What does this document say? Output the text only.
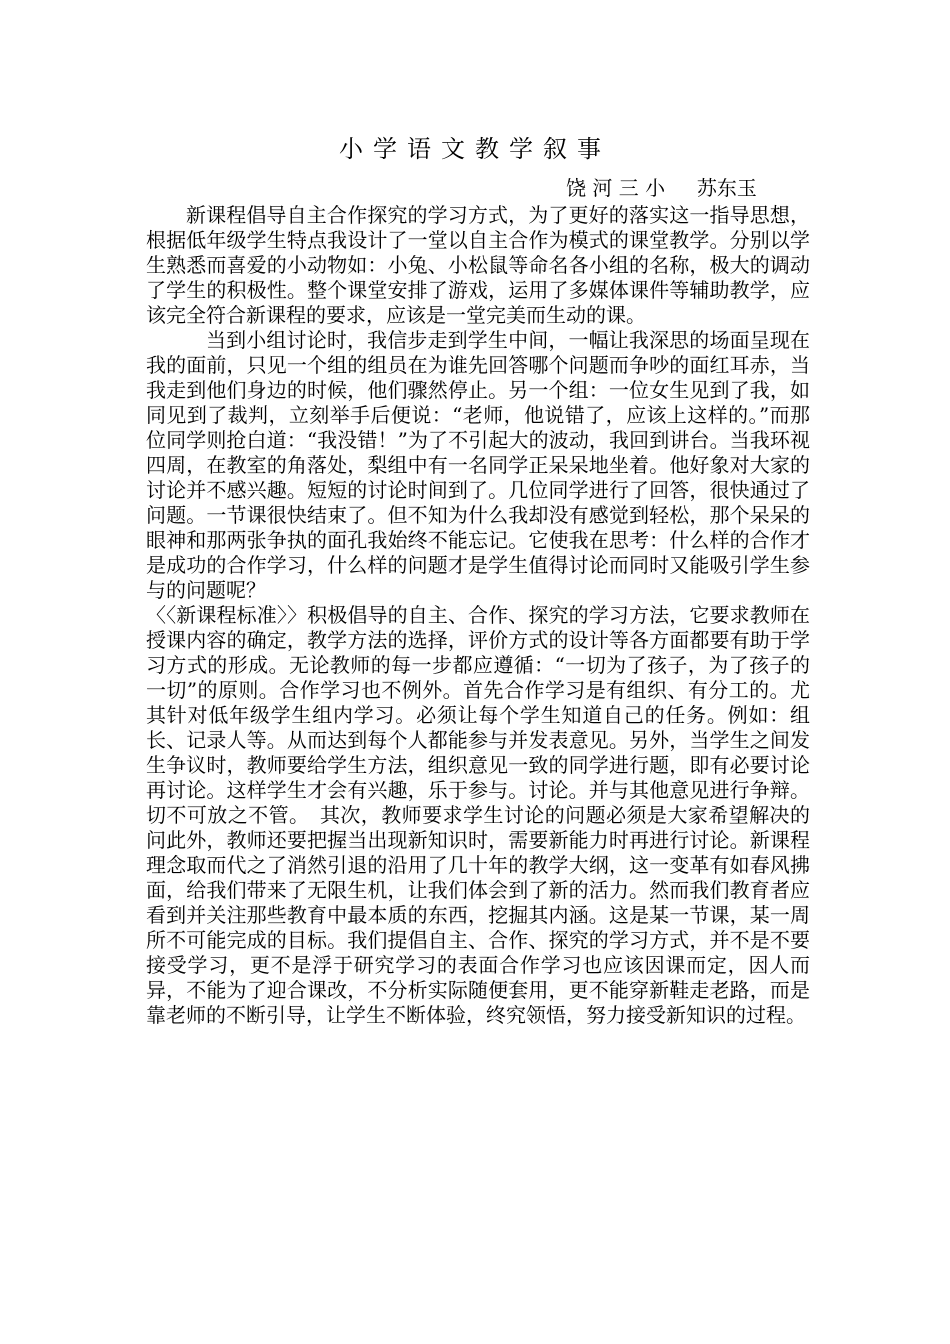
小学语文教学叙事
饶 河 三 小     苏东玉

新课程倡导自主合作探究的学习方式，为了更好的落实这一指导思想，根据低年级学生特点我设计了一堂以自主合作为模式的课堂教学。分别以学生熟悉而喜爱的小动物如：小兔、小松鼠等命名各小组的名称，极大的调动了学生的积极性。整个课堂安排了游戏，运用了多媒体课件等辅助教学，应该完全符合新课程的要求，应该是一堂完美而生动的课。

当到小组讨论时，我信步走到学生中间，一幅让我深思的场面呈现在我的面前，只见一个组的组员在为谁先回答哪个问题而争吵的面红耳赤，当我走到他们身边的时候，他们骤然停止。另一个组：一位女生见到了我，如同见到了裁判，立刻举手后便说：“老师，他说错了，应该上这样的。”而那位同学则抢白道：“我没错！”为了不引起大的波动，我回到讲台。当我环视四周，在教室的角落处，梨组中有一名同学正呆呆地坐着。他好象对大家的讨论并不感兴趣。短短的讨论时间到了。几位同学进行了回答，很快通过了问题。一节课很快结束了。但不知为什么我却没有感觉到轻松，那个呆呆的眼神和那两张争执的面孔我始终不能忘记。它使我在思考：什么样的合作才是成功的合作学习，什么样的问题才是学生值得讨论而同时又能吸引学生参与的问题呢？

〈〈新课程标准〉〉积极倡导的自主、合作、探究的学习方法，它要求教师在授课内容的确定，教学方法的选择，评价方式的设计等各方面都要有助于学习方式的形成。无论教师的每一步都应遵循：“一切为了孩子，为了孩子的一切”的原则。合作学习也不例外。首先合作学习是有组织、有分工的。尤其针对低年级学生组内学习。必须让每个学生知道自己的任务。例如：组长、记录人等。从而达到每个人都能参与并发表意见。另外，当学生之间发生争议时，教师要给学生方法，组织意见一致的同学进行题，即有必要讨论再讨论。这样学生才会有兴趣，乐于参与。讨论。并与其他意见进行争辩。切不可放之不管。　其次，教师要求学生讨论的问题必须是大家希望解决的问此外，教师还要把握当出现新知识时，需要新能力时再进行讨论。新课程理念取而代之了消然引退的沿用了几十年的教学大纲，这一变革有如春风拂面，给我们带来了无限生机，让我们体会到了新的活力。然而我们教育者应看到并关注那些教育中最本质的东西，挖掘其内涵。这是某一节课，某一周所不可能完成的目标。我们提倡自主、合作、探究的学习方式，并不是不要接受学习，更不是浮于研究学习的表面合作学习也应该因课而定，因人而异，不能为了迎合课改，不分析实际随便套用，更不能穿新鞋走老路，而是靠老师的不断引导，让学生不断体验，终究领悟，努力接受新知识的过程。
